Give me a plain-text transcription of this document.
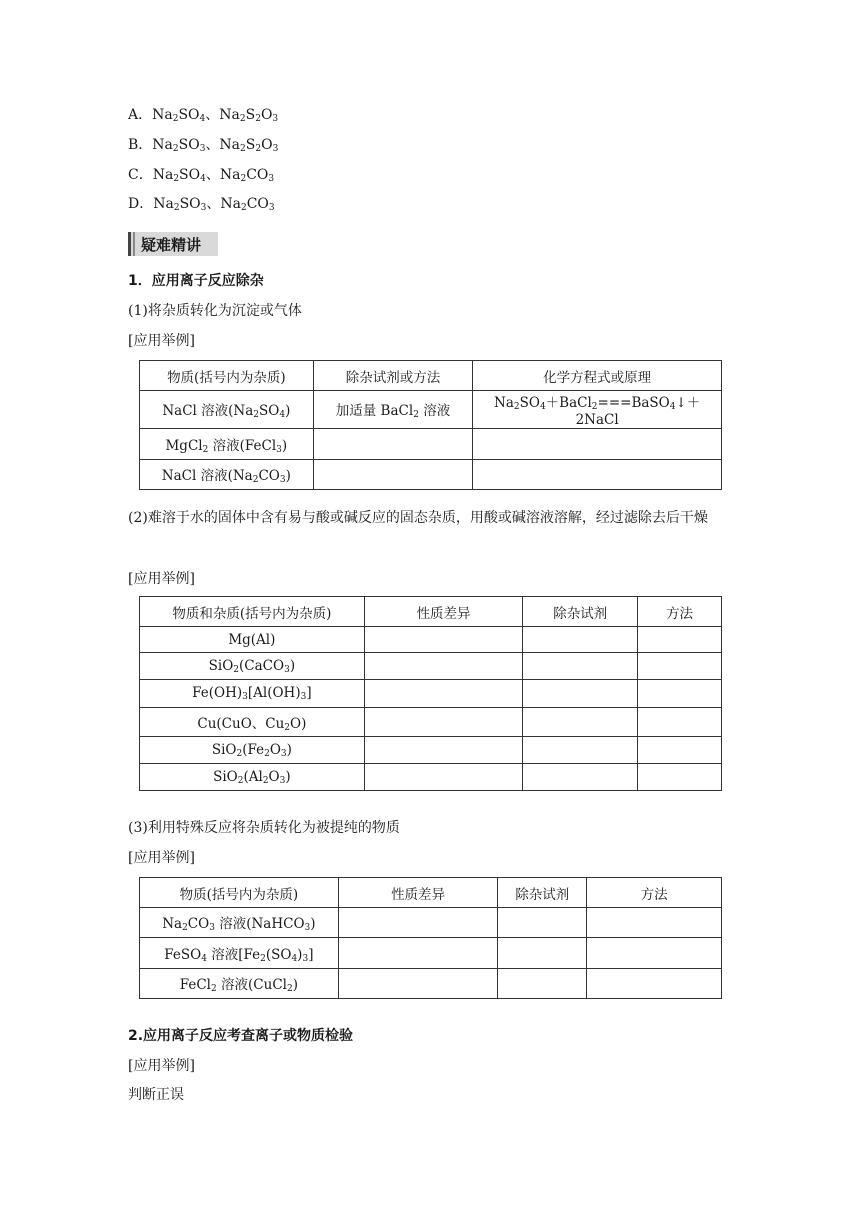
A．$Na_2SO_4$、$Na_2S_2O_3$
B．$Na_2SO_3$、$Na_2S_2O_3$
C．$Na_2SO_4$、$Na_2CO_3$
D．$Na_2SO_3$、$Na_2CO_3$
疑难精讲
1．应用离子反应除杂
(1)将杂质转化为沉淀或气体
[应用举例]
物质(括号内为杂质)	除杂试剂或方法	化学方程式或原理
NaCl 溶液$(Na_2SO_4)$	加适量 BaCl$_2$ 溶液	$Na_2SO_4+BaCl_2===BaSO_4↓+2NaCl$
MgCl$_2$ 溶液(FeCl$_3$)		
NaCl 溶液$(Na_2CO_3)$		
(2)难溶于水的固体中含有易与酸或碱反应的固态杂质，用酸或碱溶液溶解，经过滤除去后干燥
[应用举例]
物质和杂质(括号内为杂质)	性质差异	除杂试剂	方法
Mg(Al)			
SiO$_2$(CaCO$_3$)			
$Fe(OH)_3[Al(OH)_3]$			
Cu(CuO、$Cu_2O$)			
$SiO_2(Fe_2O_3)$			
$SiO_2(Al_2O_3)$			
(3)利用特殊反应将杂质转化为被提纯的物质
[应用举例]
物质(括号内为杂质)	性质差异	除杂试剂	方法
$Na_2CO_3$ 溶液(NaHCO$_3$)			
FeSO$_4$ 溶液$[Fe_2(SO_4)_3]$			
FeCl$_2$ 溶液(CuCl$_2$)			
2.应用离子反应考查离子或物质检验
[应用举例]
判断正误
